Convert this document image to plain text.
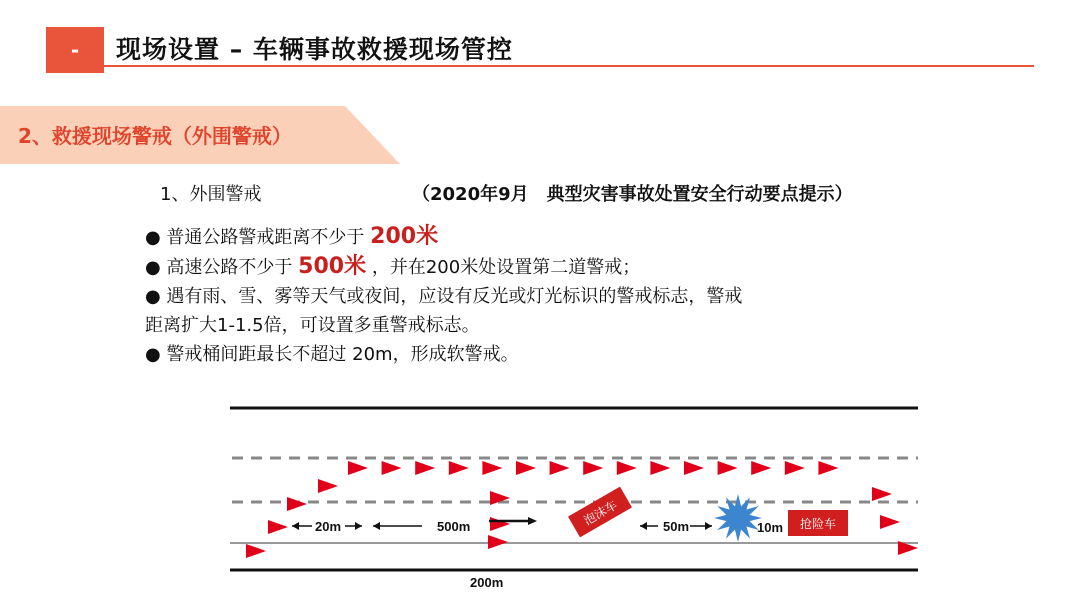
-	现场设置 – 车辆事故救援现场管控
2、救援现场警戒（外围警戒）
1、外围警戒	（2020年9月　典型灾害事故处置安全行动要点提示）
● 普通公路警戒距离不少于 200米
● 高速公路不少于 500米 ，并在200米处设置第二道警戒；
● 遇有雨、雪、雾等天气或夜间，应设有反光或灯光标识的警戒标志，警戒
距离扩大1-1.5倍，可设置多重警戒标志。
● 警戒桶间距最长不超过 20m，形成软警戒。
20m	500m	50m	10m
200m
泡沫车	抢险车
